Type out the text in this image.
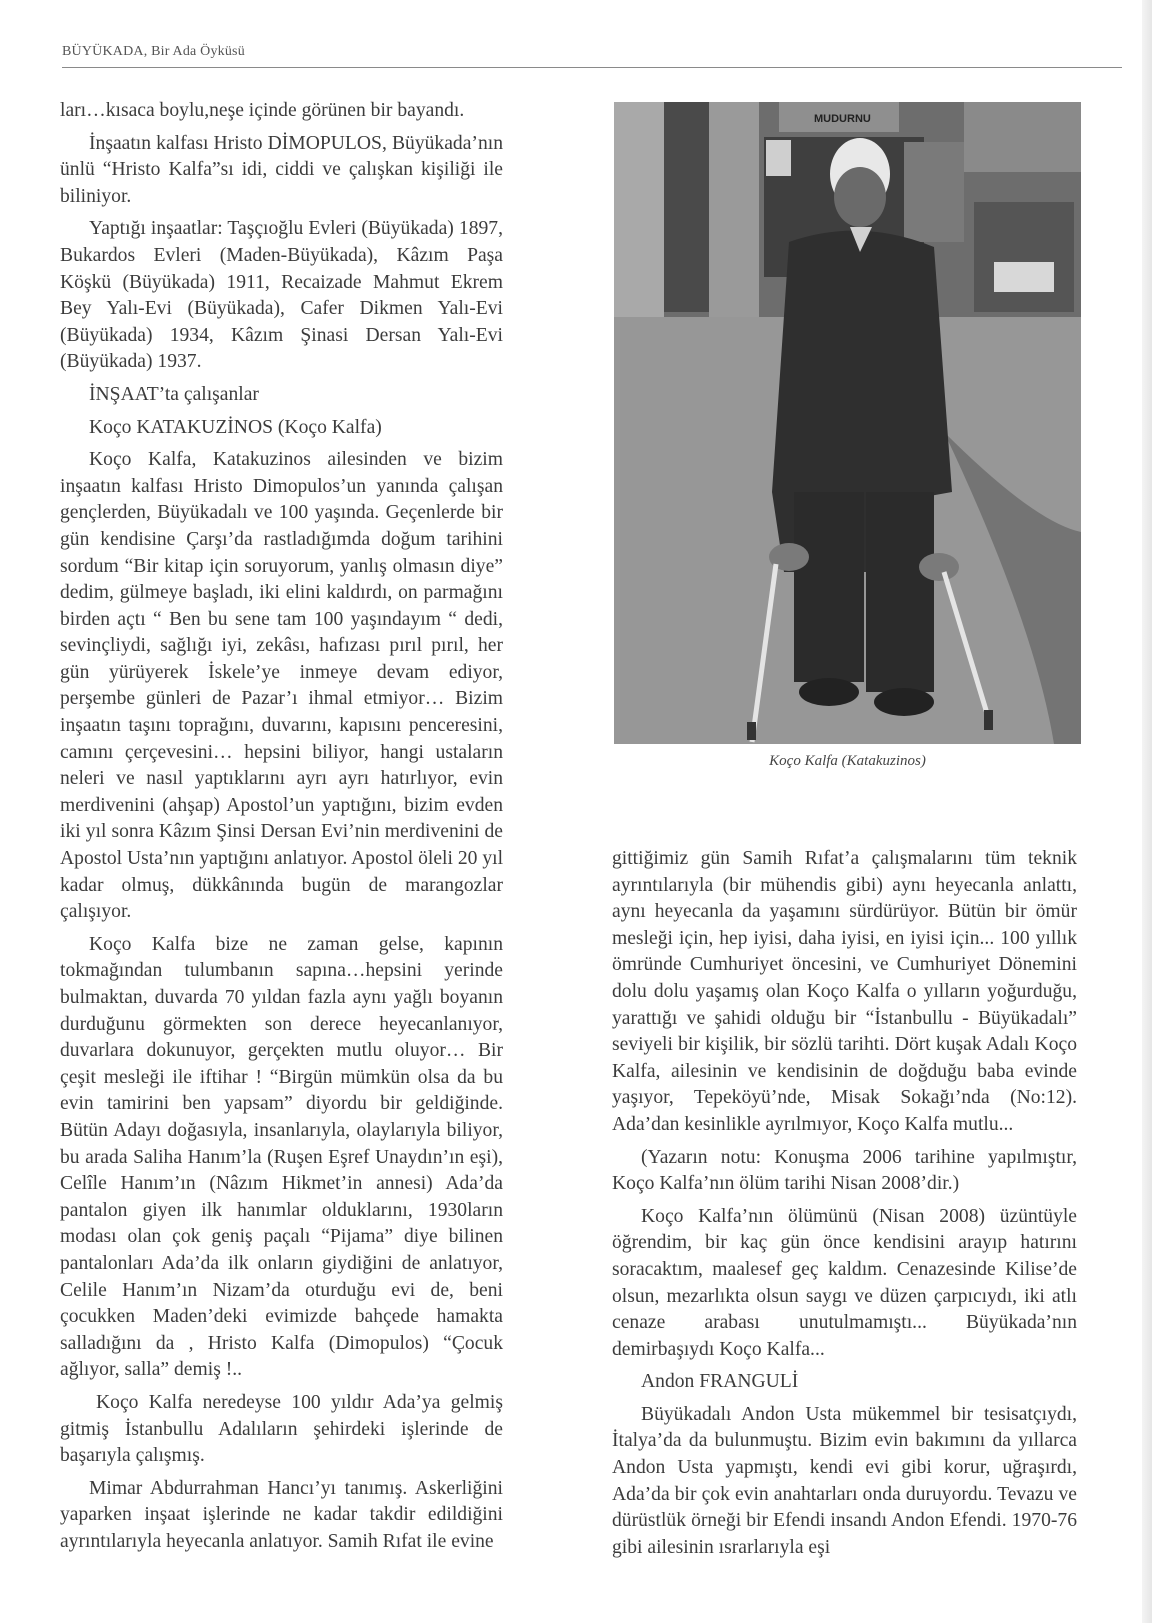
BÜYÜKADA, Bir Ada Öyküsü

ları…kısaca boylu,neşe içinde görünen bir bayandı.

İnşaatın kalfası Hristo DİMOPULOS, Büyükada’nın ünlü “Hristo Kalfa”sı idi, ciddi ve çalışkan kişiliği ile biliniyor.

Yaptığı inşaatlar: Taşçıoğlu Evleri (Büyükada) 1897, Bukardos Evleri (Maden-Büyükada), Kâzım Paşa Köşkü (Büyükada) 1911, Recaizade Mahmut Ekrem Bey Yalı-Evi (Büyükada), Cafer Dikmen Yalı-Evi (Büyükada) 1934, Kâzım Şinasi Dersan Yalı-Evi (Büyükada) 1937.

İNŞAAT’ta çalışanlar

Koço KATAKUZİNOS (Koço Kalfa)

Koço Kalfa, Katakuzinos ailesinden ve bizim inşaatın kalfası Hristo Dimopulos’un yanında çalışan gençlerden, Büyükadalı ve 100 yaşında. Geçenlerde bir gün kendisine Çarşı’da rastladığımda doğum tarihini sordum “Bir kitap için soruyorum, yanlış olmasın diye” dedim, gülmeye başladı, iki elini kaldırdı, on parmağını birden açtı “ Ben bu sene tam 100 yaşındayım “ dedi, sevinçliydi, sağlığı iyi, zekâsı, hafızası pırıl pırıl, her gün yürüyerek İskele’ye inmeye devam ediyor, perşembe günleri de Pazar’ı ihmal etmiyor… Bizim inşaatın taşını toprağını, duvarını, kapısını penceresini, camını çerçevesini… hepsini biliyor, hangi ustaların neleri ve nasıl yaptıklarını ayrı ayrı hatırlıyor, evin merdivenini (ahşap) Apostol’un yaptığını, bizim evden iki yıl sonra Kâzım Şinsi Dersan Evi’nin merdivenini de Apostol Usta’nın yaptığını anlatıyor. Apostol öleli 20 yıl kadar olmuş, dükkânında bugün de marangozlar çalışıyor.

Koço Kalfa bize ne zaman gelse, kapının tokmağından tulumbanın sapına…hepsini yerinde bulmaktan, duvarda 70 yıldan fazla aynı yağlı boyanın durduğunu görmekten son derece heyecanlanıyor, duvarlara dokunuyor, gerçekten mutlu oluyor… Bir çeşit mesleği ile iftihar ! “Birgün mümkün olsa da bu evin tamirini ben yapsam” diyordu bir geldiğinde. Bütün Adayı doğasıyla, insanlarıyla, olaylarıyla biliyor, bu arada Saliha Hanım’la (Ruşen Eşref Unaydın’ın eşi), Celîle Hanım’ın (Nâzım Hikmet’in annesi) Ada’da pantalon giyen ilk hanımlar olduklarını, 1930ların modası olan çok geniş paçalı “Pijama” diye bilinen pantalonları Ada’da ilk onların giydiğini de anlatıyor, Celile Hanım’ın Nizam’da oturduğu evi de, beni çocukken Maden’deki evimizde bahçede hamakta salladığını da , Hristo Kalfa (Dimopulos) “Çocuk ağlıyor, salla” demiş !..

Koço Kalfa neredeyse 100 yıldır Ada’ya gelmiş gitmiş İstanbullu Adalıların şehirdeki işlerinde de başarıyla çalışmış.

Mimar Abdurrahman Hancı’yı tanımış. Askerliğini yaparken inşaat işlerinde ne kadar takdir edildiğini ayrıntılarıyla heyecanla anlatıyor. Samih Rıfat ile evine

MUDURNU
Koço Kalfa (Katakuzinos)

gittiğimiz gün Samih Rıfat’a çalışmalarını tüm teknik ayrıntılarıyla (bir mühendis gibi) aynı heyecanla anlattı, aynı heyecanla da yaşamını sürdürüyor. Bütün bir ömür mesleği için, hep iyisi, daha iyisi, en iyisi için... 100 yıllık ömründe Cumhuriyet öncesini, ve Cumhuriyet Dönemini dolu dolu yaşamış olan Koço Kalfa o yılların yoğurduğu, yarattığı ve şahidi olduğu bir “İstanbullu - Büyükadalı” seviyeli bir kişilik, bir sözlü tarihti. Dört kuşak Adalı Koço Kalfa, ailesinin ve kendisinin de doğduğu baba evinde yaşıyor, Tepeköyü’nde, Misak Sokağı’nda (No:12). Ada’dan kesinlikle ayrılmıyor, Koço Kalfa mutlu...

(Yazarın notu: Konuşma 2006 tarihine yapılmıştır, Koço Kalfa’nın ölüm tarihi Nisan 2008’dir.)

Koço Kalfa’nın ölümünü (Nisan 2008) üzüntüyle öğrendim, bir kaç gün önce kendisini arayıp hatırını soracaktım, maalesef geç kaldım. Cenazesinde Kilise’de olsun, mezarlıkta olsun saygı ve düzen çarpıcıydı, iki atlı cenaze arabası unutulmamıştı... Büyükada’nın demirbaşıydı Koço Kalfa...

Andon FRANGULİ

Büyükadalı Andon Usta mükemmel bir tesisatçıydı, İtalya’da da bulunmuştu. Bizim evin bakımını da yıllarca Andon Usta yapmıştı, kendi evi gibi korur, uğraşırdı, Ada’da bir çok evin anahtarları onda duruyordu. Tevazu ve dürüstlük örneği bir Efendi insandı Andon Efendi. 1970-76 gibi ailesinin ısrarlarıyla eşi
